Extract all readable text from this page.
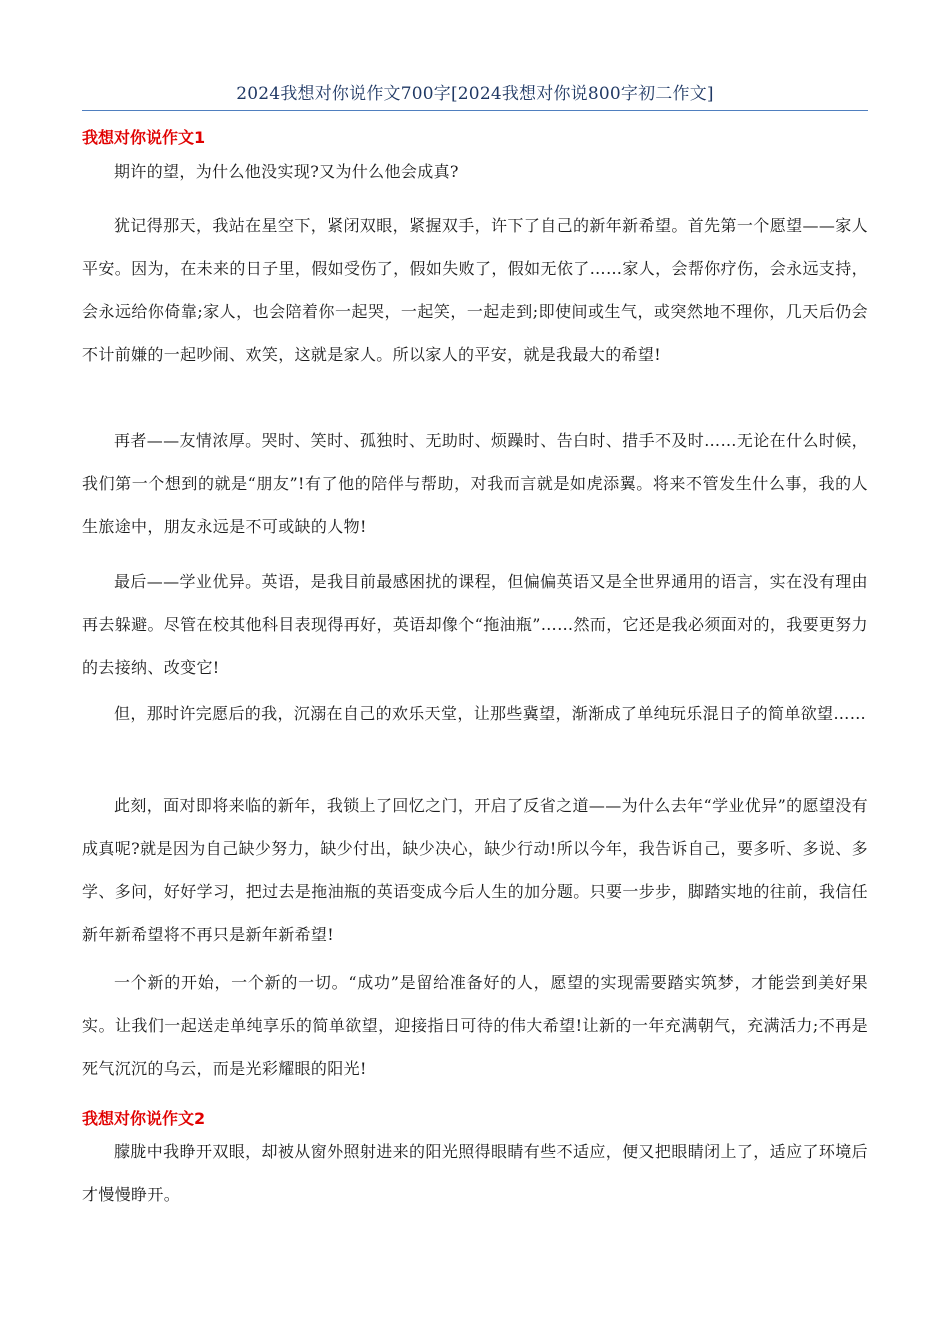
2024我想对你说作文700字[2024我想对你说800字初二作文]
我想对你说作文1

期许的望，为什么他没实现?又为什么他会成真?

犹记得那天，我站在星空下，紧闭双眼，紧握双手，许下了自己的新年新希望。首先第一个愿望——家人平安。因为，在未来的日子里，假如受伤了，假如失败了，假如无依了……家人，会帮你疗伤，会永远支持，会永远给你倚靠;家人，也会陪着你一起哭，一起笑，一起走到;即使间或生气，或突然地不理你，几天后仍会不计前嫌的一起吵闹、欢笑，这就是家人。所以家人的平安，就是我最大的希望!

再者——友情浓厚。哭时、笑时、孤独时、无助时、烦躁时、告白时、措手不及时……无论在什么时候，我们第一个想到的就是“朋友”!有了他的陪伴与帮助，对我而言就是如虎添翼。将来不管发生什么事，我的人生旅途中，朋友永远是不可或缺的人物!

最后——学业优异。英语，是我目前最感困扰的课程，但偏偏英语又是全世界通用的语言，实在没有理由再去躲避。尽管在校其他科目表现得再好，英语却像个“拖油瓶”……然而，它还是我必须面对的，我要更努力的去接纳、改变它!

但，那时许完愿后的我，沉溺在自己的欢乐天堂，让那些冀望，渐渐成了单纯玩乐混日子的简单欲望……

此刻，面对即将来临的新年，我锁上了回忆之门，开启了反省之道——为什么去年“学业优异”的愿望没有成真呢?就是因为自己缺少努力，缺少付出，缺少决心，缺少行动!所以今年，我告诉自己，要多听、多说、多学、多问，好好学习，把过去是拖油瓶的英语变成今后人生的加分题。只要一步步，脚踏实地的往前，我信任新年新希望将不再只是新年新希望!

一个新的开始，一个新的一切。“成功”是留给准备好的人，愿望的实现需要踏实筑梦，才能尝到美好果实。让我们一起送走单纯享乐的简单欲望，迎接指日可待的伟大希望!让新的一年充满朝气，充满活力;不再是死气沉沉的乌云，而是光彩耀眼的阳光!

我想对你说作文2

朦胧中我睁开双眼，却被从窗外照射进来的阳光照得眼睛有些不适应，便又把眼睛闭上了，适应了环境后才慢慢睁开。
